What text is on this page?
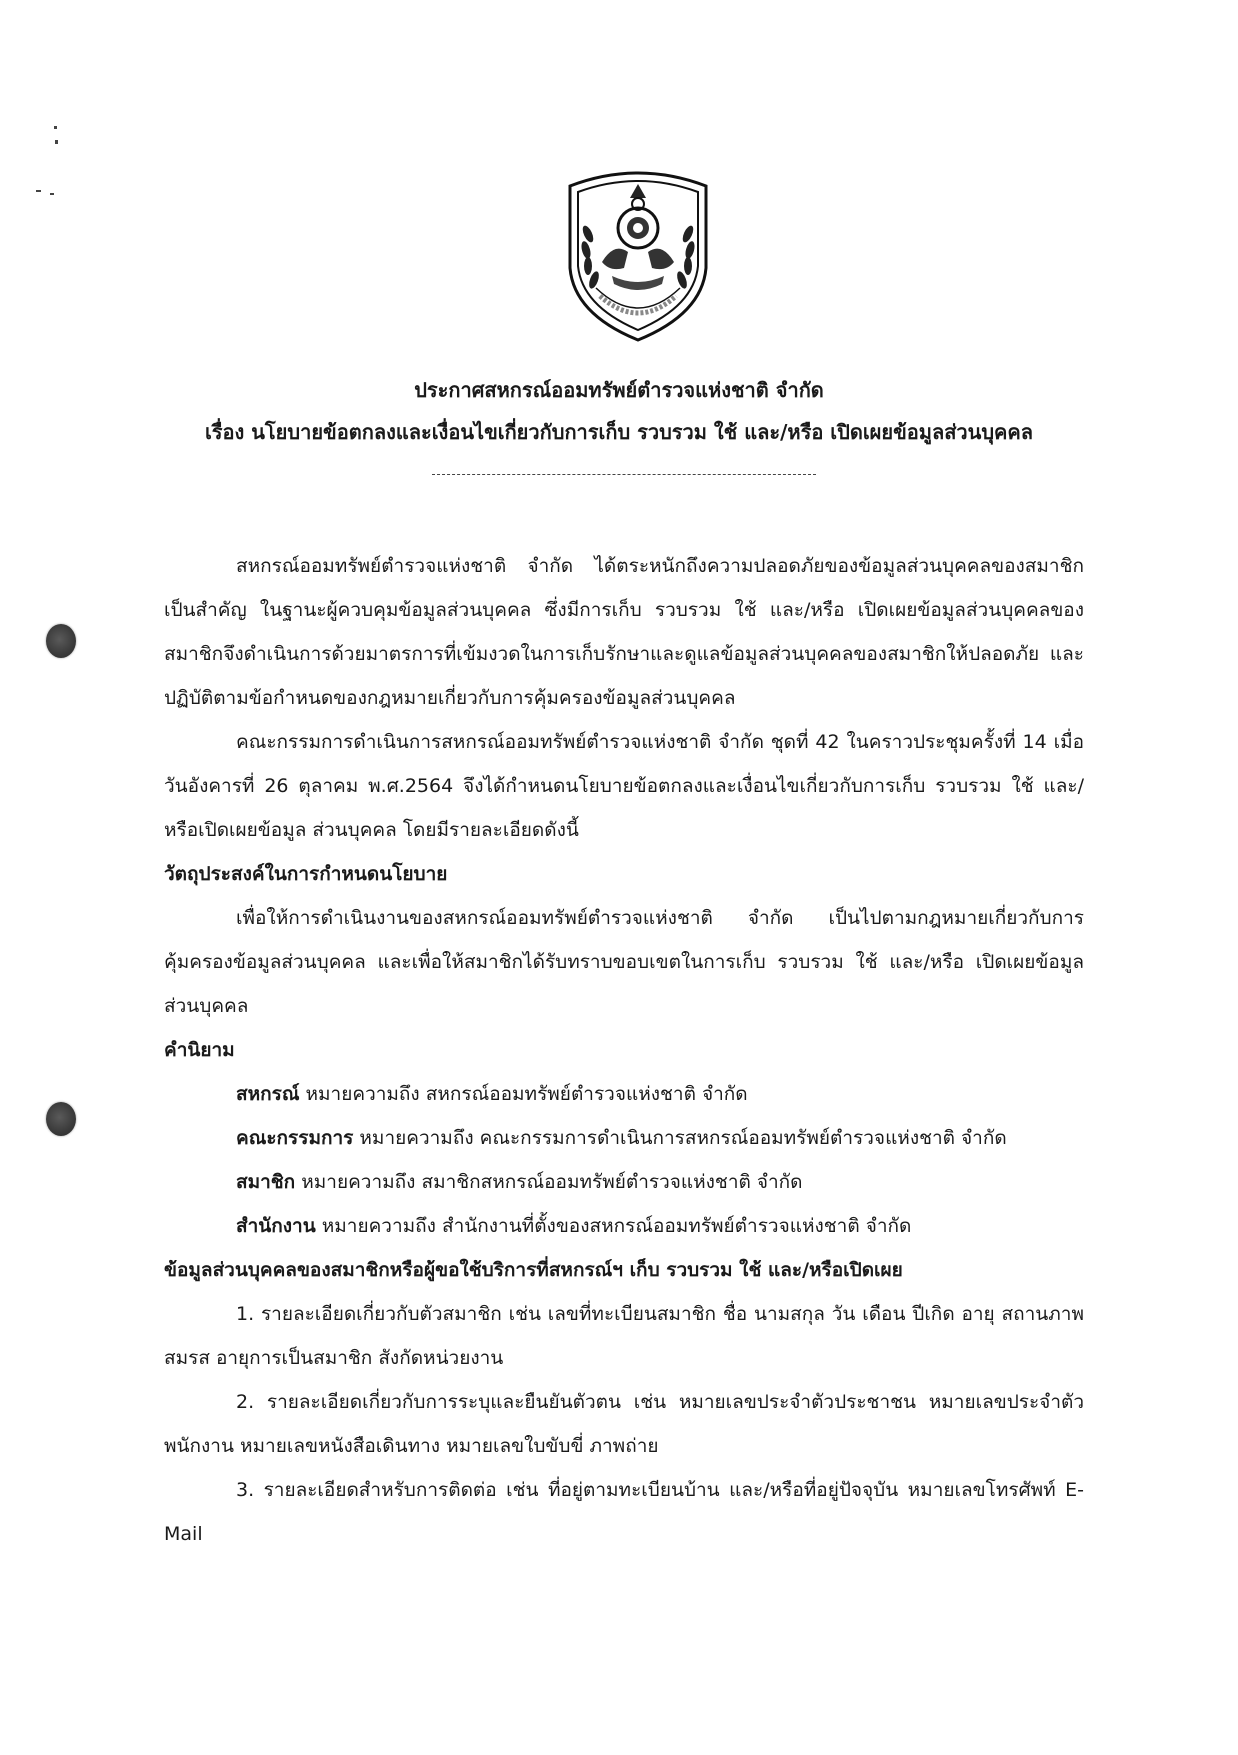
ประกาศสหกรณ์ออมทรัพย์ตำรวจแห่งชาติ จำกัด
เรื่อง นโยบายข้อตกลงและเงื่อนไขเกี่ยวกับการเก็บ รวบรวม ใช้ และ/หรือ เปิดเผยข้อมูลส่วนบุคคล

สหกรณ์ออมทรัพย์ตำรวจแห่งชาติ จำกัด ได้ตระหนักถึงความปลอดภัยของข้อมูลส่วนบุคคลของสมาชิกเป็นสำคัญ ในฐานะผู้ควบคุมข้อมูลส่วนบุคคล ซึ่งมีการเก็บ รวบรวม ใช้ และ/หรือ เปิดเผยข้อมูลส่วนบุคคลของสมาชิกจึงดำเนินการด้วยมาตรการที่เข้มงวดในการเก็บรักษาและดูแลข้อมูลส่วนบุคคลของสมาชิกให้ปลอดภัย และปฏิบัติตามข้อกำหนดของกฎหมายเกี่ยวกับการคุ้มครองข้อมูลส่วนบุคคล

คณะกรรมการดำเนินการสหกรณ์ออมทรัพย์ตำรวจแห่งชาติ จำกัด ชุดที่ 42 ในคราวประชุมครั้งที่ 14 เมื่อวันอังคารที่ 26 ตุลาคม พ.ศ.2564 จึงได้กำหนดนโยบายข้อตกลงและเงื่อนไขเกี่ยวกับการเก็บ รวบรวม ใช้ และ/หรือเปิดเผยข้อมูล ส่วนบุคคล โดยมีรายละเอียดดังนี้

วัตถุประสงค์ในการกำหนดนโยบาย

เพื่อให้การดำเนินงานของสหกรณ์ออมทรัพย์ตำรวจแห่งชาติ จำกัด เป็นไปตามกฎหมายเกี่ยวกับการคุ้มครองข้อมูลส่วนบุคคล และเพื่อให้สมาชิกได้รับทราบขอบเขตในการเก็บ รวบรวม ใช้ และ/หรือ เปิดเผยข้อมูลส่วนบุคคล

คำนิยาม

สหกรณ์ หมายความถึง สหกรณ์ออมทรัพย์ตำรวจแห่งชาติ จำกัด

คณะกรรมการ หมายความถึง คณะกรรมการดำเนินการสหกรณ์ออมทรัพย์ตำรวจแห่งชาติ จำกัด

สมาชิก หมายความถึง สมาชิกสหกรณ์ออมทรัพย์ตำรวจแห่งชาติ จำกัด

สำนักงาน หมายความถึง สำนักงานที่ตั้งของสหกรณ์ออมทรัพย์ตำรวจแห่งชาติ จำกัด

ข้อมูลส่วนบุคคลของสมาชิกหรือผู้ขอใช้บริการที่สหกรณ์ฯ เก็บ รวบรวม ใช้ และ/หรือเปิดเผย

1. รายละเอียดเกี่ยวกับตัวสมาชิก เช่น เลขที่ทะเบียนสมาชิก ชื่อ นามสกุล วัน เดือน ปีเกิด อายุ สถานภาพสมรส อายุการเป็นสมาชิก สังกัดหน่วยงาน

2. รายละเอียดเกี่ยวกับการระบุและยืนยันตัวตน เช่น หมายเลขประจำตัวประชาชน หมายเลขประจำตัวพนักงาน หมายเลขหนังสือเดินทาง หมายเลขใบขับขี่ ภาพถ่าย

3. รายละเอียดสำหรับการติดต่อ เช่น ที่อยู่ตามทะเบียนบ้าน และ/หรือที่อยู่ปัจจุบัน หมายเลขโทรศัพท์ E-Mail
